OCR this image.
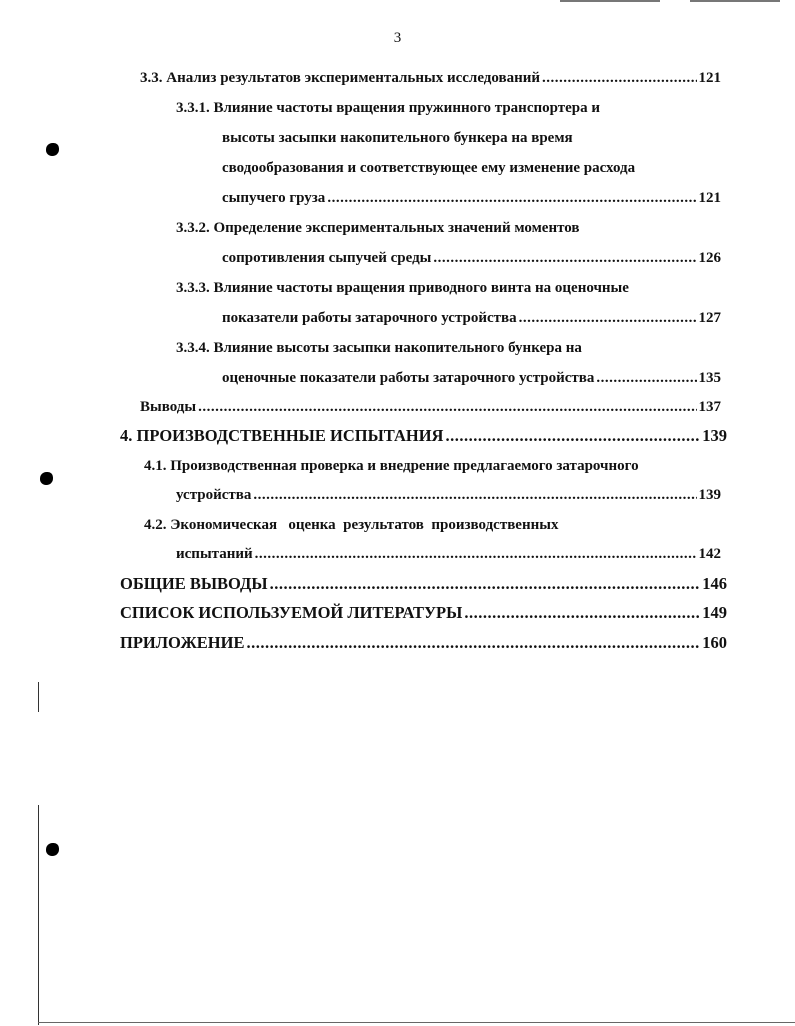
3
3.3. Анализ результатов экспериментальных исследований .....	121
3.3.1. Влияние частоты вращения пружинного транспортера и
высоты засыпки накопительного бункера на время
сводообразования и соответствующее ему изменение расхода
сыпучего груза .....	121
3.3.2. Определение экспериментальных значений моментов
сопротивления сыпучей среды .....	126
3.3.3. Влияние частоты вращения приводного винта на оценочные
показатели работы затарочного устройства .....	127
3.3.4. Влияние высоты засыпки накопительного бункера на
оценочные показатели работы затарочного устройства .....	135
Выводы .....	137
4. ПРОИЗВОДСТВЕННЫЕ ИСПЫТАНИЯ .....	139
4.1. Производственная проверка и внедрение предлагаемого затарочного
устройства .....	139
4.2. Экономическая   оценка  результатов  производственных
испытаний .....	142
ОБЩИЕ ВЫВОДЫ .....	146
СПИСОК ИСПОЛЬЗУЕМОЙ ЛИТЕРАТУРЫ .....	149
ПРИЛОЖЕНИЕ .....	160
